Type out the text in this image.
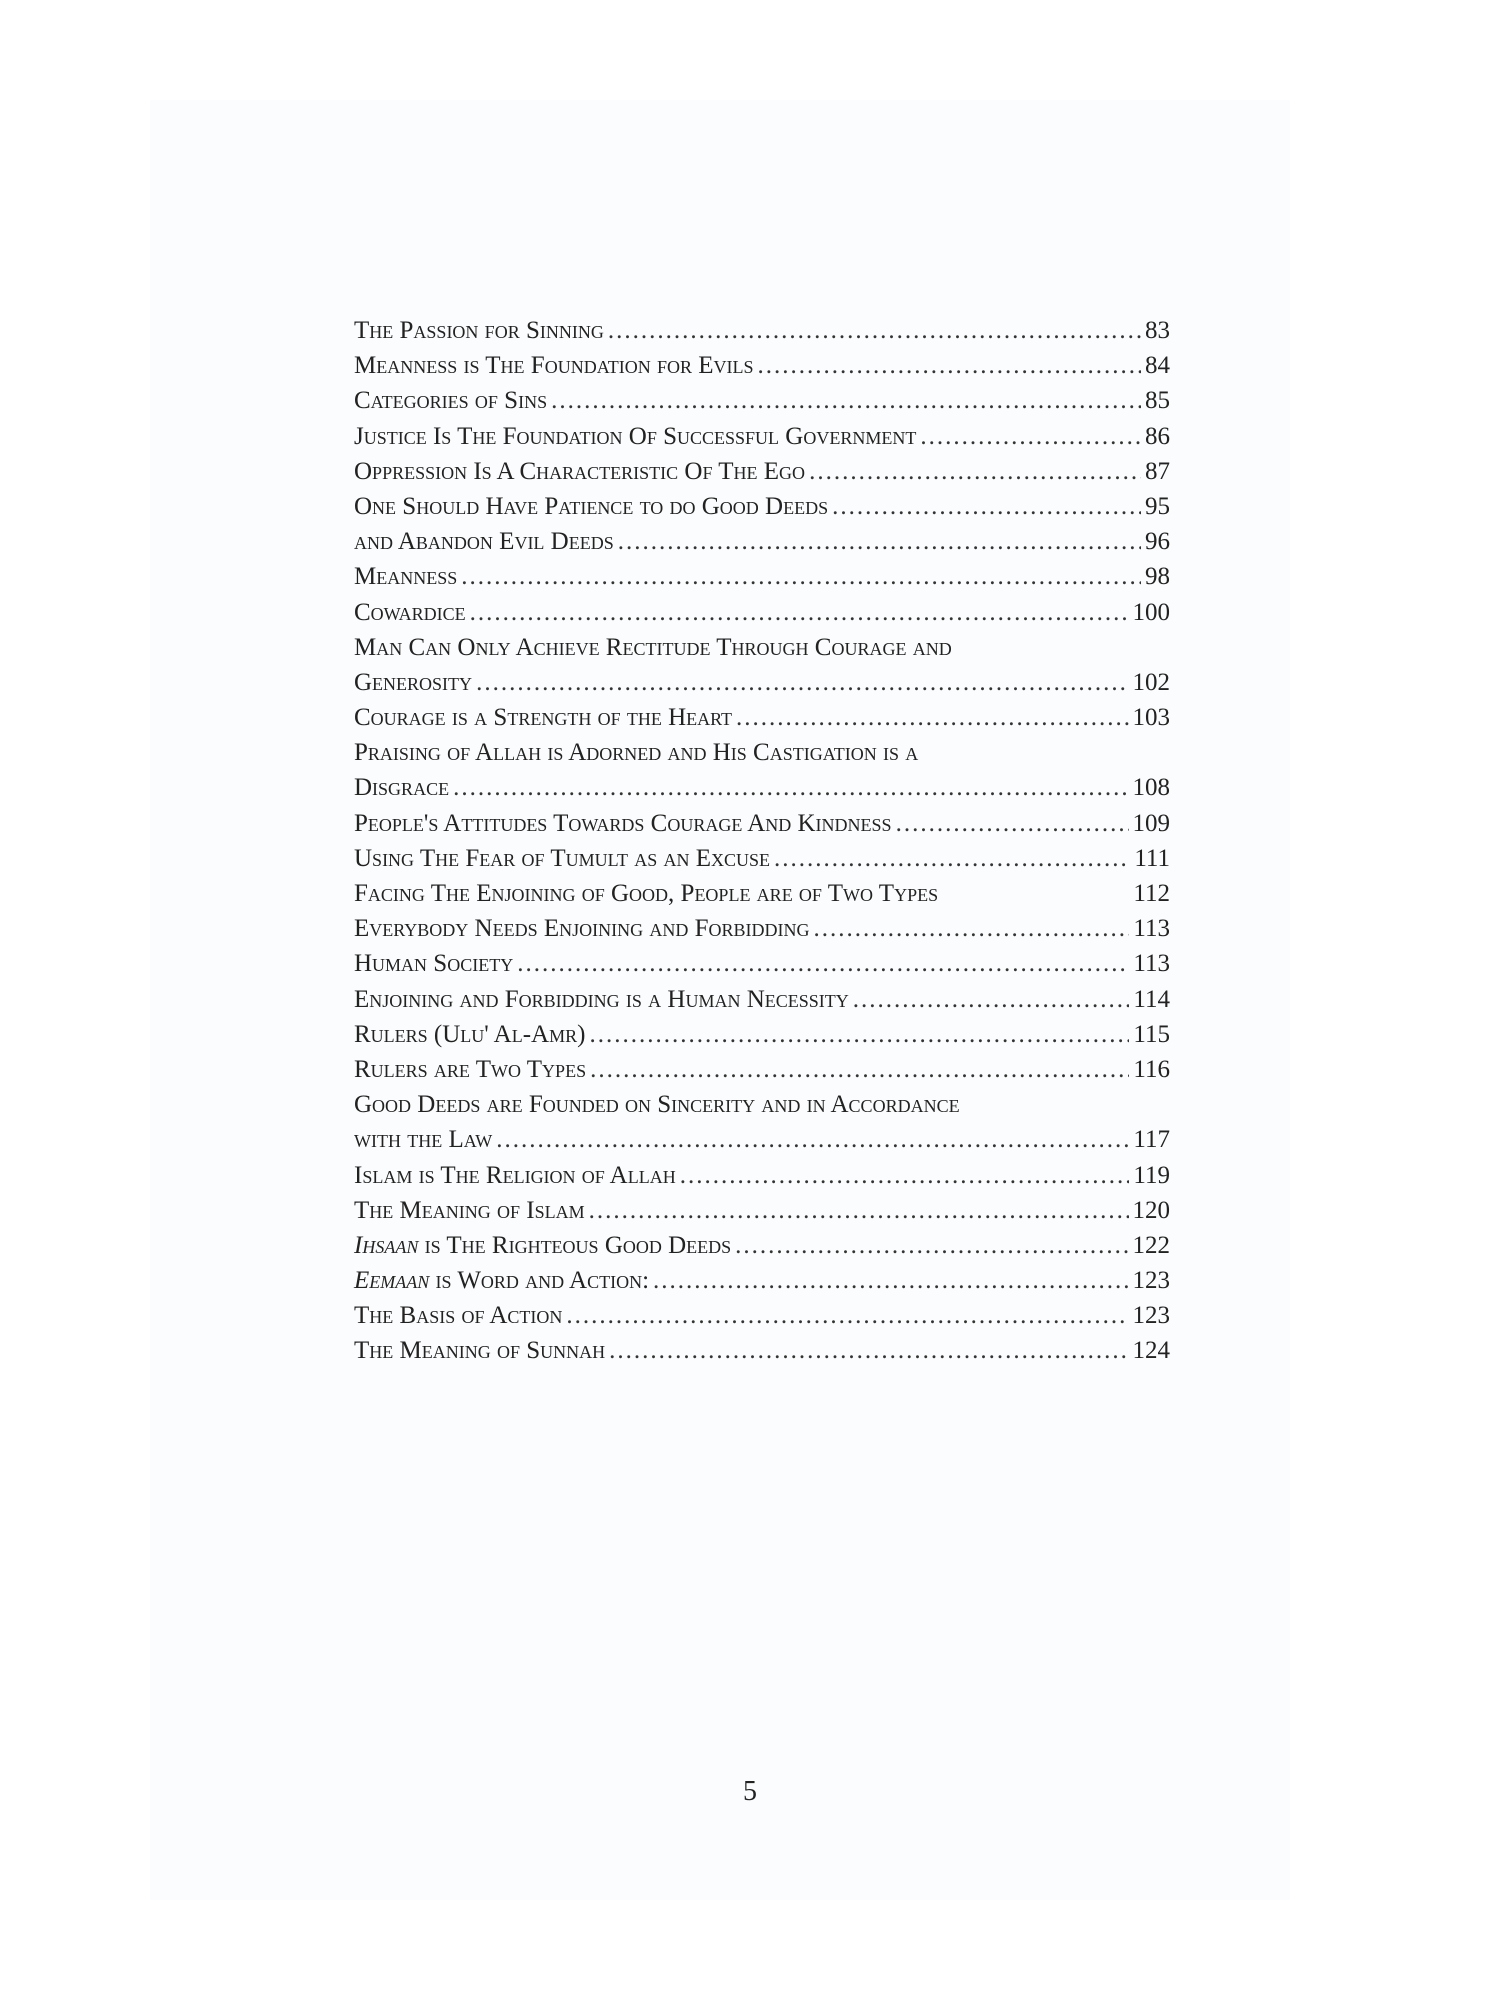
The Passion for Sinning .....	83
Meanness is The Foundation for Evils .....	84
Categories of Sins .....	85
Justice Is The Foundation Of Successful Government .....	86
Oppression Is A Characteristic Of The Ego .....	87
One Should Have Patience to do Good Deeds .....	95
and Abandon Evil Deeds .....	96
Meanness .....	98
Cowardice .....	100
Man Can Only Achieve Rectitude Through Courage and
Generosity .....	102
Courage is a Strength of the Heart .....	103
Praising of Allah is Adorned and His Castigation is a
Disgrace .....	108
People's Attitudes Towards Courage And Kindness .....	109
Using The Fear of Tumult as an Excuse .....	111
Facing The Enjoining of Good, People are of Two Types	112
Everybody Needs Enjoining and Forbidding .....	113
Human Society .....	113
Enjoining and Forbidding is a Human Necessity .....	114
Rulers (Ulu' Al-Amr) .....	115
Rulers are Two Types .....	116
Good Deeds are Founded on Sincerity and in Accordance
with the Law .....	117
Islam is The Religion of Allah .....	119
The Meaning of Islam .....	120
Ihsaan is The Righteous Good Deeds .....	122
Eemaan is Word and Action: .....	123
The Basis of Action .....	123
The Meaning of Sunnah .....	124
5
